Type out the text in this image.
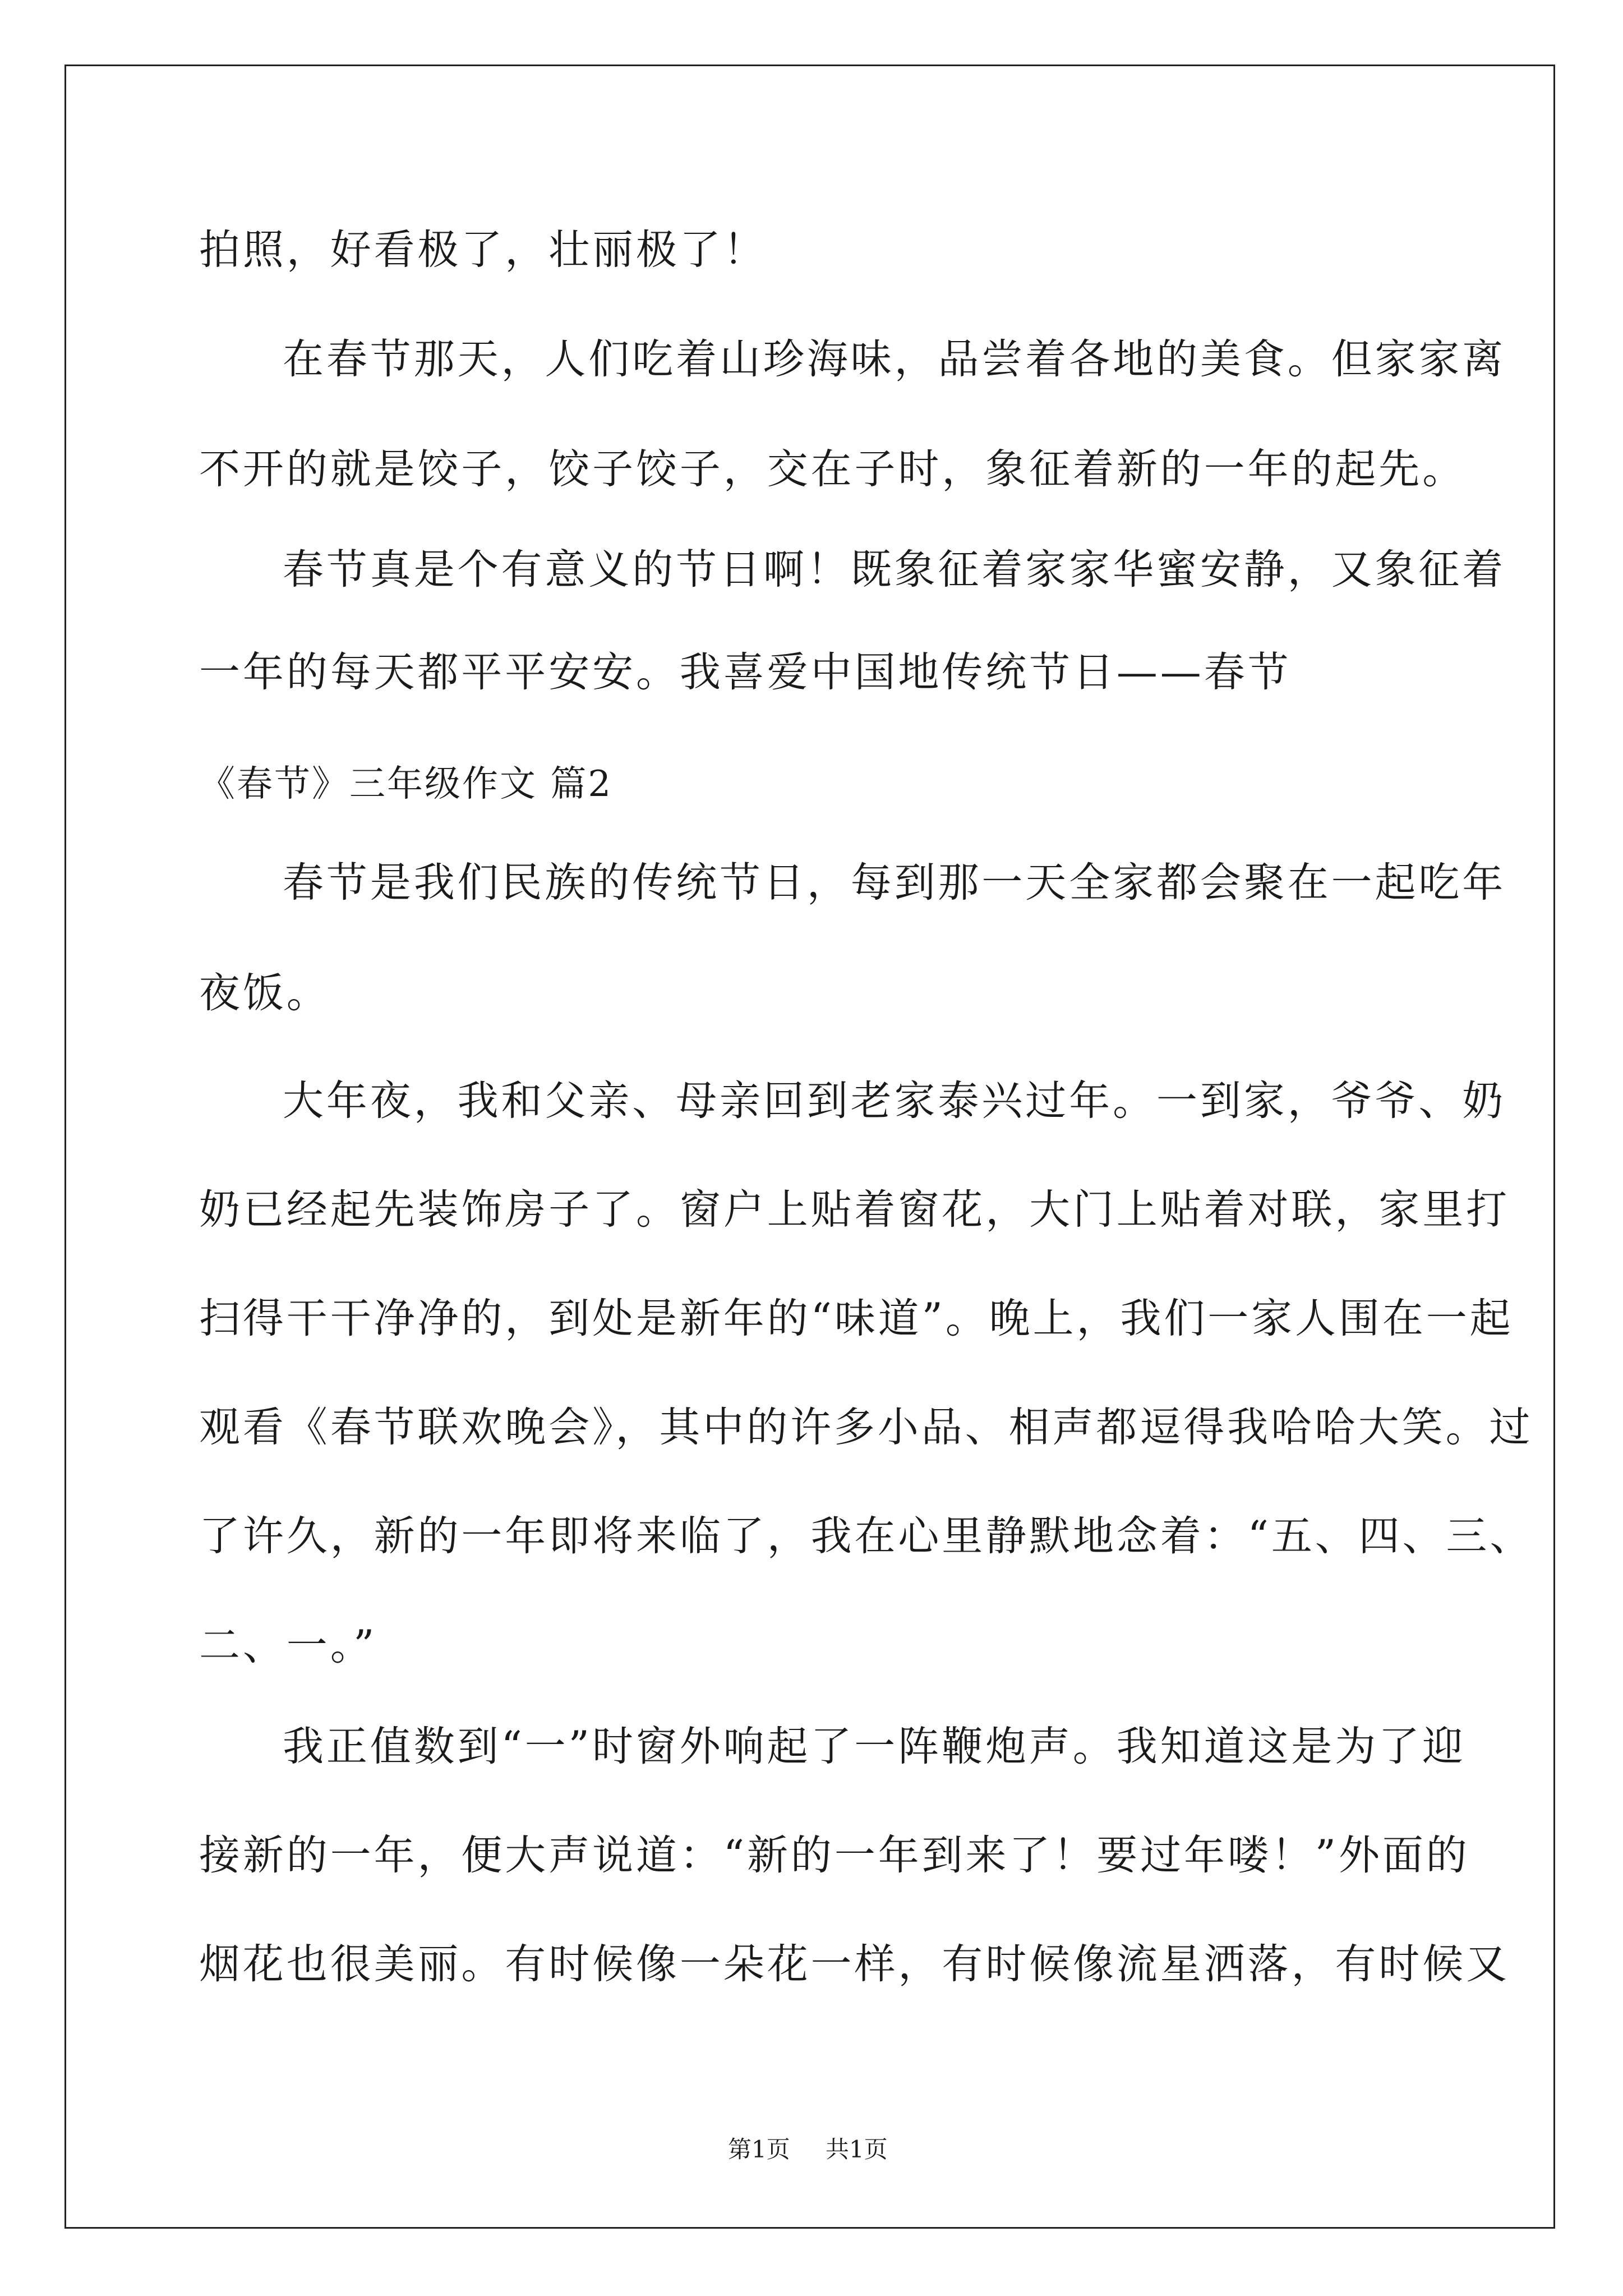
拍照，好看极了，壮丽极了！
在春节那天，人们吃着山珍海味，品尝着各地的美食。但家家离
不开的就是饺子，饺子饺子，交在子时，象征着新的一年的起先。
春节真是个有意义的节日啊！既象征着家家华蜜安静，又象征着
一年的每天都平平安安。我喜爱中国地传统节日——春节
《春节》三年级作文 篇2
春节是我们民族的传统节日，每到那一天全家都会聚在一起吃年
夜饭。
大年夜，我和父亲、母亲回到老家泰兴过年。一到家，爷爷、奶
奶已经起先装饰房子了。窗户上贴着窗花，大门上贴着对联，家里打
扫得干干净净的，到处是新年的“味道”。晚上，我们一家人围在一起
观看《春节联欢晚会》，其中的许多小品、相声都逗得我哈哈大笑。过
了许久，新的一年即将来临了，我在心里静默地念着：“五、四、三、
二、一。”
我正值数到“一”时窗外响起了一阵鞭炮声。我知道这是为了迎
接新的一年，便大声说道：“新的一年到来了！要过年喽！”外面的
烟花也很美丽。有时候像一朵花一样，有时候像流星洒落，有时候又
第1页 共1页
